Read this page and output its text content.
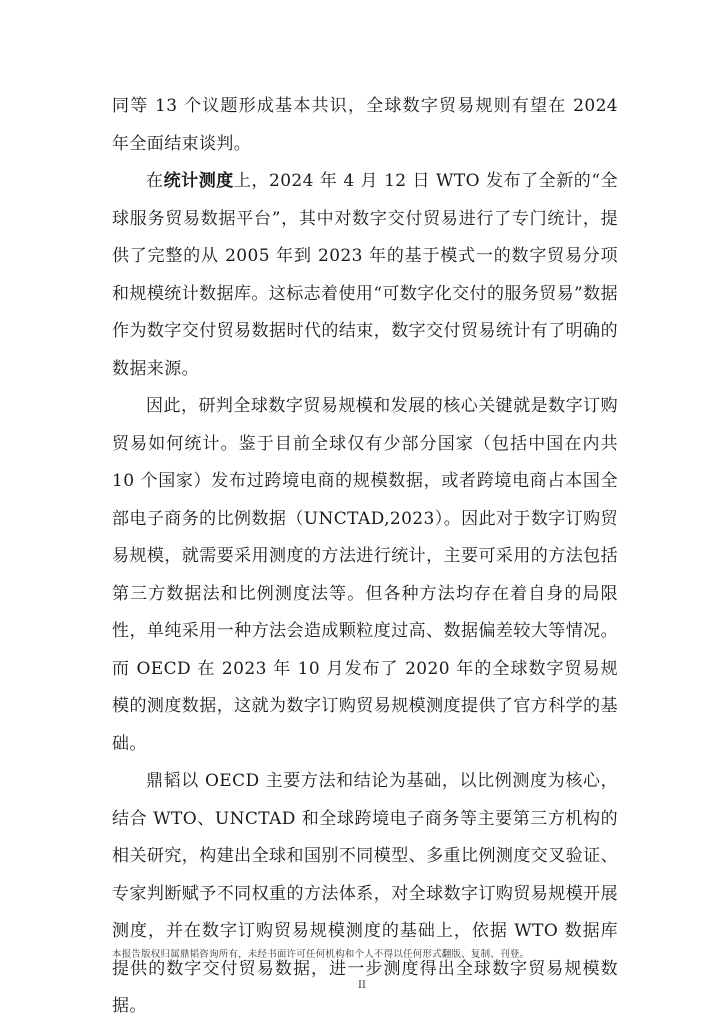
同等 13 个议题形成基本共识，全球数字贸易规则有望在 2024 年全面结束谈判。

在统计测度上，2024 年 4 月 12 日 WTO 发布了全新的“全球服务贸易数据平台”，其中对数字交付贸易进行了专门统计，提供了完整的从 2005 年到 2023 年的基于模式一的数字贸易分项和规模统计数据库。这标志着使用“可数字化交付的服务贸易”数据作为数字交付贸易数据时代的结束，数字交付贸易统计有了明确的数据来源。

因此，研判全球数字贸易规模和发展的核心关键就是数字订购贸易如何统计。鉴于目前全球仅有少部分国家（包括中国在内共 10 个国家）发布过跨境电商的规模数据，或者跨境电商占本国全部电子商务的比例数据（UNCTAD,2023）。因此对于数字订购贸易规模，就需要采用测度的方法进行统计，主要可采用的方法包括第三方数据法和比例测度法等。但各种方法均存在着自身的局限性，单纯采用一种方法会造成颗粒度过高、数据偏差较大等情况。而 OECD 在 2023 年 10 月发布了 2020 年的全球数字贸易规模的测度数据，这就为数字订购贸易规模测度提供了官方科学的基础。

鼎韬以 OECD 主要方法和结论为基础，以比例测度为核心，结合 WTO、UNCTAD 和全球跨境电子商务等主要第三方机构的相关研究，构建出全球和国别不同模型、多重比例测度交叉验证、专家判断赋予不同权重的方法体系，对全球数字订购贸易规模开展测度，并在数字订购贸易规模测度的基础上，依据 WTO 数据库提供的数字交付贸易数据，进一步测度得出全球数字贸易规模数据。

本报告版权归属鼎韬咨询所有，未经书面许可任何机构和个人不得以任何形式翻版、复制、刊登。
II
